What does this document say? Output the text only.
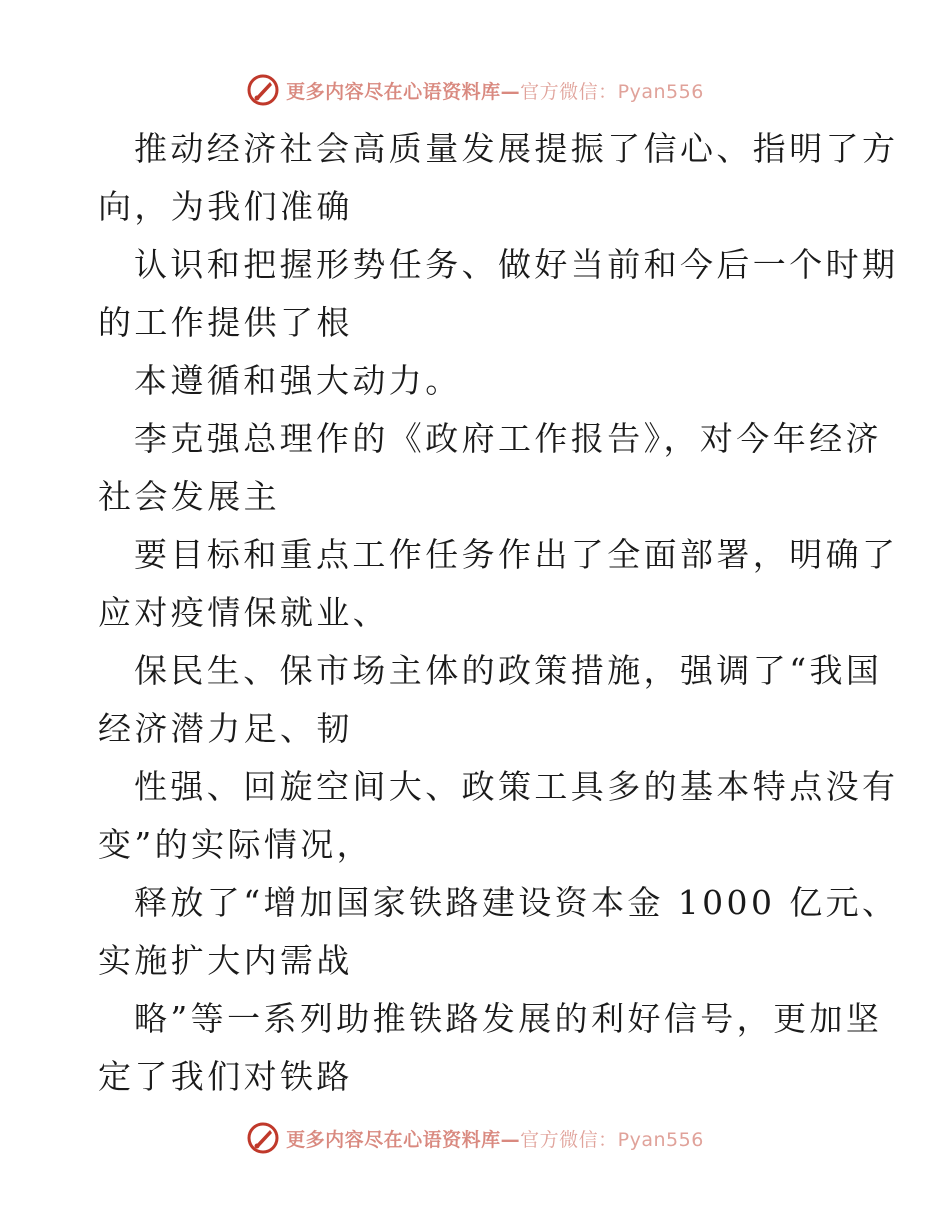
更多内容尽在心语资料库—官方微信：Pyan556

推动经济社会高质量发展提振了信心、指明了方
向，为我们准确

认识和把握形势任务、做好当前和今后一个时期
的工作提供了根

本遵循和强大动力。

李克强总理作的《政府工作报告》，对今年经济
社会发展主

要目标和重点工作任务作出了全面部署，明确了
应对疫情保就业、

保民生、保市场主体的政策措施，强调了“我国
经济潜力足、韧

性强、回旋空间大、政策工具多的基本特点没有
变”的实际情况，

释放了“增加国家铁路建设资本金 1000 亿元、
实施扩大内需战

略”等一系列助推铁路发展的利好信号，更加坚
定了我们对铁路

更多内容尽在心语资料库—官方微信：Pyan556
